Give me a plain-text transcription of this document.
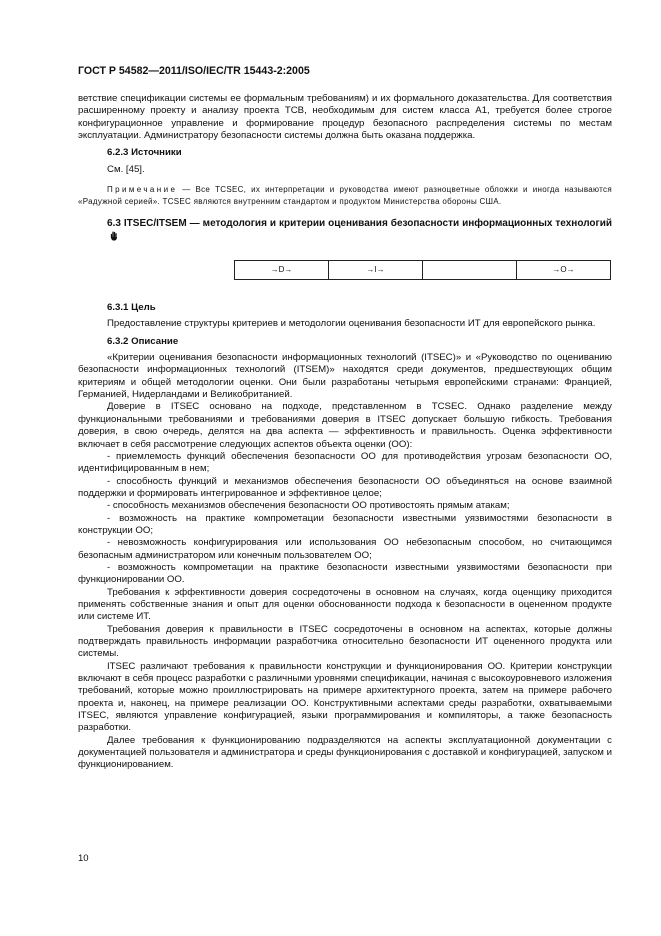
ГОСТ Р 54582—2011/ISO/IEC/TR 15443-2:2005

ветствие спецификации системы ее формальным требованиям) и их формального доказательства. Для соответствия расширенному проекту и анализу проекта TCB, необходимым для систем класса A1, требуется более строгое конфигурационное управление и формирование процедур безопасного распределения системы по местам эксплуатации. Администратору безопасности системы должна быть оказана поддержка.

6.2.3 Источники

См. [45].

Примечание — Все TCSEC, их интерпретации и руководства имеют разноцветные обложки и иногда называются «Радужной серией». TCSEC являются внутренним стандартом и продуктом Министерства обороны США.

6.3 ITSEC/ITSEM — методология и критерии оценивания безопасности информационных технологий
→D→	→I→		→O→
6.3.1 Цель

Предоставление структуры критериев и методологии оценивания безопасности ИТ для европейского рынка.

6.3.2 Описание

«Критерии оценивания безопасности информационных технологий (ITSEC)» и «Руководство по оцениванию безопасности информационных технологий (ITSEM)» находятся среди документов, предшествующих общим критериям и общей методологии оценки. Они были разработаны четырьмя европейскими странами: Францией, Германией, Нидерландами и Великобританией.

Доверие в ITSEC основано на подходе, представленном в TCSEC. Однако разделение между функциональными требованиями и требованиями доверия в ITSEC допускает большую гибкость. Требования доверия, в свою очередь, делятся на два аспекта — эффективность и правильность. Оценка эффективности включает в себя рассмотрение следующих аспектов объекта оценки (ОО):

- приемлемость функций обеспечения безопасности ОО для противодействия угрозам безопасности ОО, идентифицированным в нем;

- способность функций и механизмов обеспечения безопасности ОО объединяться на основе взаимной поддержки и формировать интегрированное и эффективное целое;

- способность механизмов обеспечения безопасности ОО противостоять прямым атакам;

- возможность на практике компрометации безопасности известными уязвимостями безопасности в конструкции ОО;

- невозможность конфигурирования или использования ОО небезопасным способом, но считающимся безопасным администратором или конечным пользователем ОО;

- возможность компрометации на практике безопасности известными уязвимостями безопасности при функционировании ОО.

Требования к эффективности доверия сосредоточены в основном на случаях, когда оценщику приходится применять собственные знания и опыт для оценки обоснованности подхода к безопасности в оцененном продукте или системе ИТ.

Требования доверия к правильности в ITSEC сосредоточены в основном на аспектах, которые должны подтверждать правильность информации разработчика относительно безопасности ИТ оцененного продукта или системы.

ITSEC различают требования к правильности конструкции и функционирования ОО. Критерии конструкции включают в себя процесс разработки с различными уровнями спецификации, начиная с высокоуровневого изложения требований, которые можно проиллюстрировать на примере архитектурного проекта, затем на примере рабочего проекта и, наконец, на примере реализации ОО. Конструктивными аспектами среды разработки, охватываемыми ITSEC, являются управление конфигурацией, языки программирования и компиляторы, а также безопасность разработки.

Далее требования к функционированию подразделяются на аспекты эксплуатационной документации с документацией пользователя и администратора и среды функционирования с доставкой и конфигурацией, запуском и функционированием.

10
